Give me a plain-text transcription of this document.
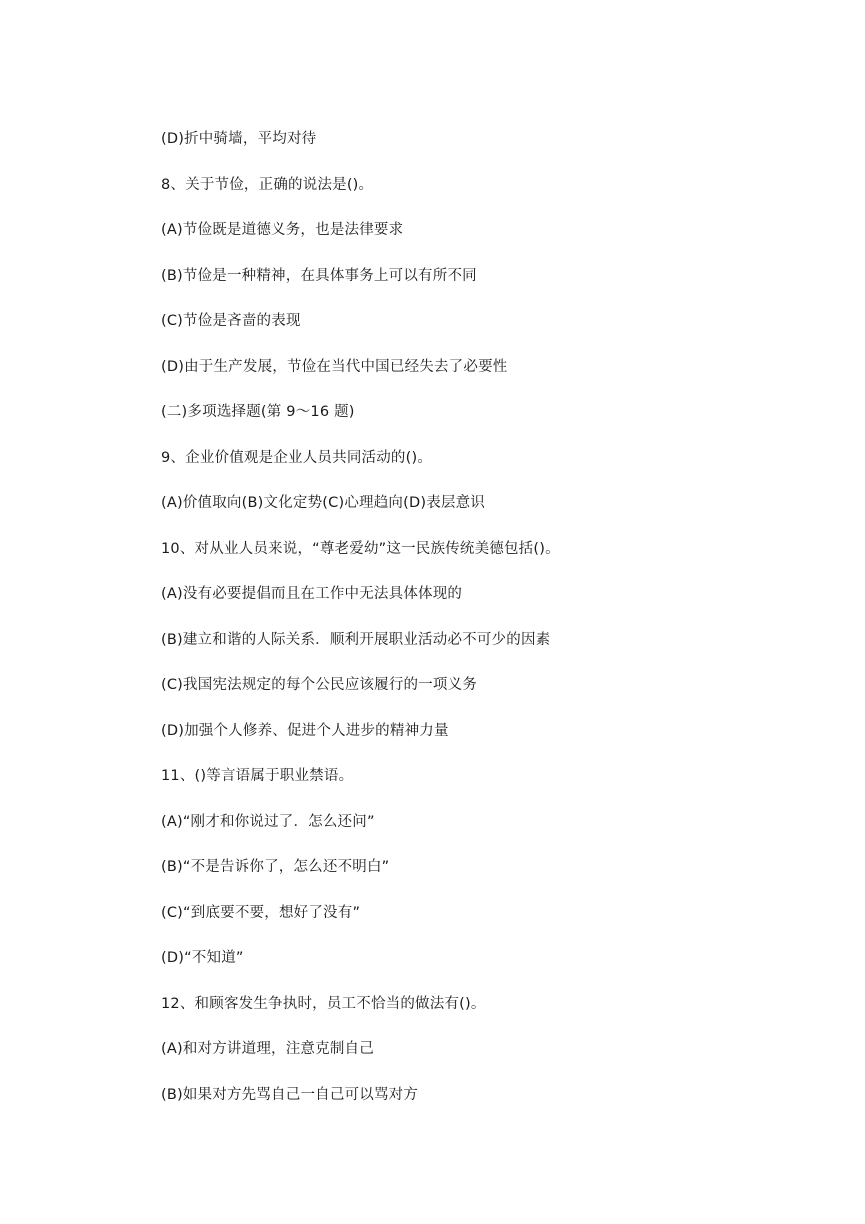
(D)折中骑墙，平均对待
8、关于节俭，正确的说法是()。
(A)节俭既是道德义务，也是法律要求
(B)节俭是一种精神，在具体事务上可以有所不同
(C)节俭是吝啬的表现
(D)由于生产发展，节俭在当代中国已经失去了必要性
(二)多项选择题(第 9～16 题)
9、企业价值观是企业人员共同活动的()。
(A)价值取向(B)文化定势(C)心理趋向(D)表层意识
10、对从业人员来说，“尊老爱幼”这一民族传统美德包括()。
(A)没有必要提倡而且在工作中无法具体体现的
(B)建立和谐的人际关系．顺利开展职业活动必不可少的因素
(C)我国宪法规定的每个公民应该履行的一项义务
(D)加强个人修养、促进个人进步的精神力量
11、()等言语属于职业禁语。
(A)“刚才和你说过了．怎么还问”
(B)“不是告诉你了，怎么还不明白”
(C)“到底要不要，想好了没有”
(D)“不知道”
12、和顾客发生争执时，员工不恰当的做法有()。
(A)和对方讲道理，注意克制自己
(B)如果对方先骂自己一自己可以骂对方
